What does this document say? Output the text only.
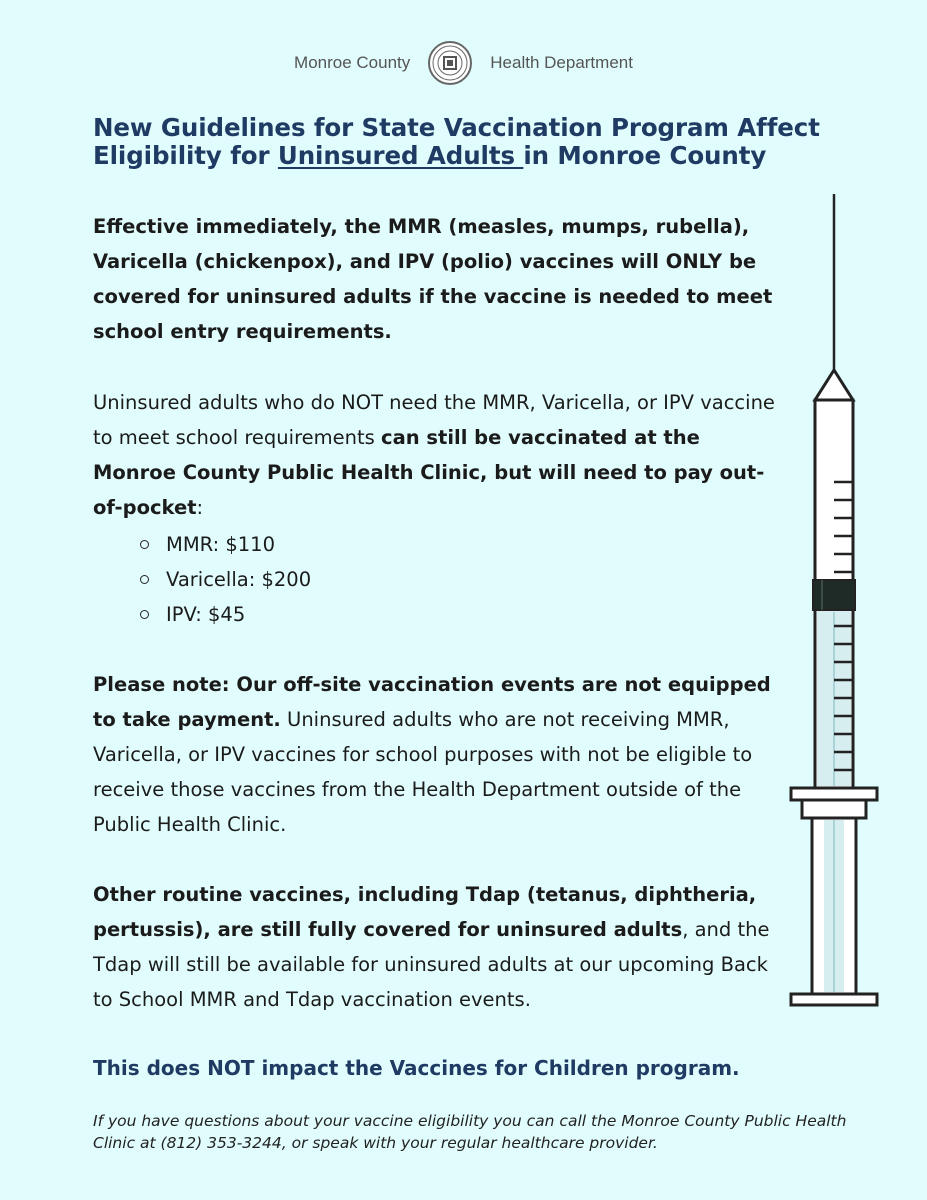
Monroe County	Health Department
New Guidelines for State Vaccination Program Affect Eligibility for Uninsured Adults in Monroe County

Effective immediately, the MMR (measles, mumps, rubella), Varicella (chickenpox), and IPV (polio) vaccines will ONLY be covered for uninsured adults if the vaccine is needed to meet school entry requirements.

Uninsured adults who do NOT need the MMR, Varicella, or IPV vaccine to meet school requirements can still be vaccinated at the Monroe County Public Health Clinic, but will need to pay out-of-pocket:

MMR: $110
Varicella: $200
IPV: $45

Please note: Our off-site vaccination events are not equipped to take payment. Uninsured adults who are not receiving MMR, Varicella, or IPV vaccines for school purposes with not be eligible to receive those vaccines from the Health Department outside of the Public Health Clinic.

Other routine vaccines, including Tdap (tetanus, diphtheria, pertussis), are still fully covered for uninsured adults, and the Tdap will still be available for uninsured adults at our upcoming Back to School MMR and Tdap vaccination events.

This does NOT impact the Vaccines for Children program.

If you have questions about your vaccine eligibility you can call the Monroe County Public Health Clinic at (812) 353-3244, or speak with your regular healthcare provider.
